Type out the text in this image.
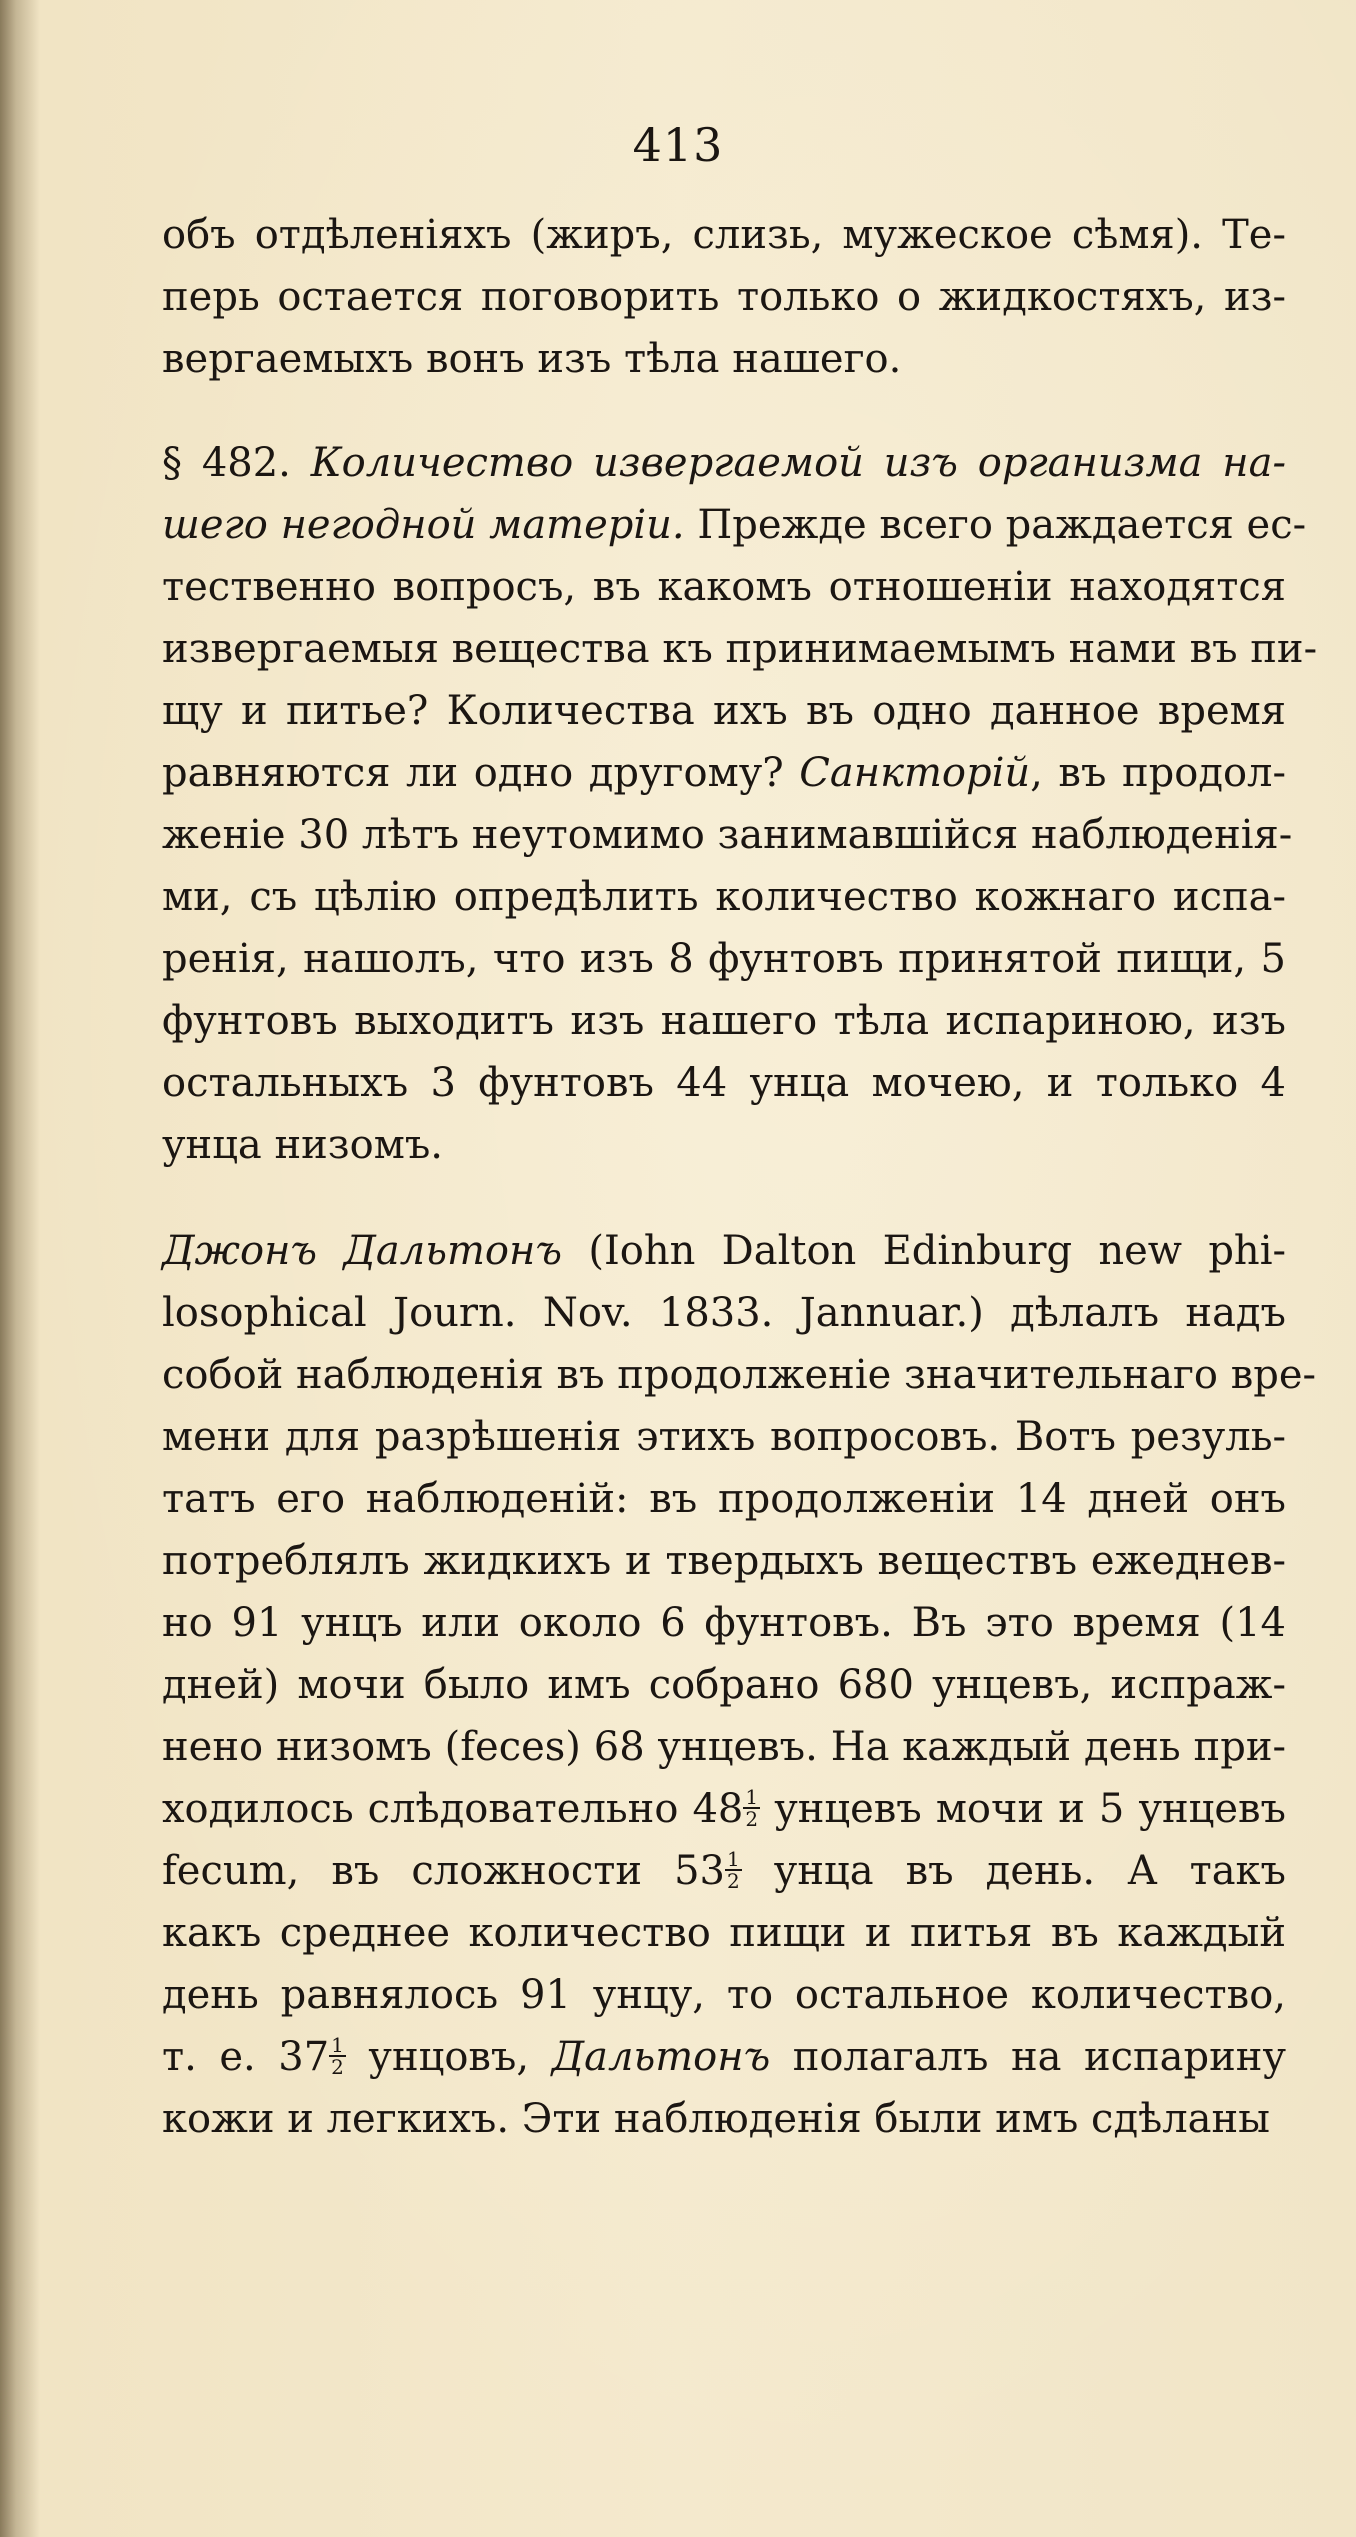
413
объ отдѣленіяхъ (жиръ, слизь, мужеское сѣмя). Те-
перь остается поговорить только о жидкостяхъ, из-
вергаемыхъ вонъ изъ тѣла нашего.
§ 482. Количество извергаемой изъ организма на-
шего негодной матеріи. Прежде всего раждается ес-
тественно вопросъ, въ какомъ отношеніи находятся
извергаемыя вещества къ принимаемымъ нами въ пи-
щу и питье? Количества ихъ въ одно данное время
равняются ли одно другому? Санкторій, въ продол-
женіе 30 лѣтъ неутомимо занимавшійся наблюденія-
ми, съ цѣлію опредѣлить количество кожнаго испа-
ренія, нашолъ, что изъ 8 фунтовъ принятой пищи, 5
фунтовъ выходитъ изъ нашего тѣла испариною, изъ
остальныхъ 3 фунтовъ 44 унца мочею, и только 4
унца низомъ.
Джонъ Дальтонъ (Iohn Dalton Edinburg new phi-
losophical Journ. Nov. 1833. Jannuar.) дѣлалъ надъ
собой наблюденія въ продолженіе значительнаго вре-
мени для разрѣшенія этихъ вопросовъ. Вотъ резуль-
татъ его наблюденій: въ продолженіи 14 дней онъ
потреблялъ жидкихъ и твердыхъ веществъ ежеднев-
но 91 унцъ или около 6 фунтовъ. Въ это время (14
дней) мочи было имъ собрано 680 унцевъ, испраж-
нено низомъ (feces) 68 унцевъ. На каждый день при-
ходилось слѣдовательно $48 \frac{1}{2}$ унцевъ мочи и 5 унцевъ
fecum, въ сложности $53 \frac{1}{2}$ унца въ день. А такъ
какъ среднее количество пищи и питья въ каждый
день равнялось 91 унцу, то остальное количество,
т. е. $37 \frac{1}{2}$ унцовъ, Дальтонъ полагалъ на испарину
кожи и легкихъ. Эти наблюденія были имъ сдѣланы
